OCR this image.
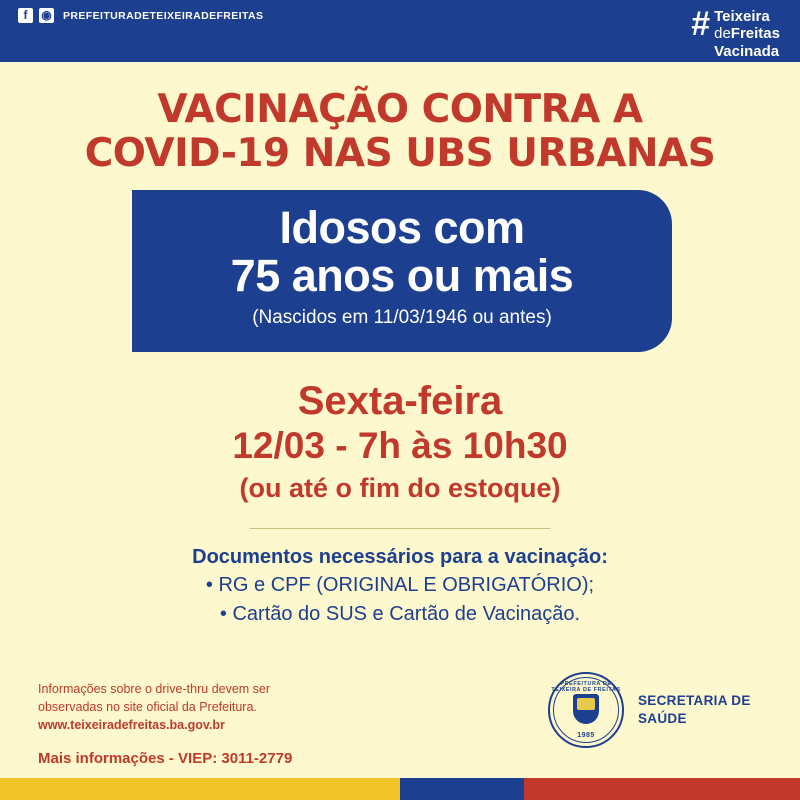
f	◉ PREFEITURADETEIXEIRADEFREITAS	# Teixeira
deFreitas
Vacinada
VACINAÇÃO CONTRA A
COVID-19 NAS UBS URBANAS
Idosos com
75 anos ou mais
(Nascidos em 11/03/1946 ou antes)
Sexta-feira
12/03 - 7h às 10h30
(ou até o fim do estoque)
Documentos necessários para a vacinação:
• RG e CPF (ORIGINAL E OBRIGATÓRIO);
• Cartão do SUS e Cartão de Vacinação.
Informações sobre o drive-thru devem ser
observadas no site oficial da Prefeitura.
www.teixeiradefreitas.ba.gov.br
Mais informações - VIEP: 3011-2779
PREFEITURA DE TEIXEIRA DE FREITAS
1985
SECRETARIA DE
SAÚDE
